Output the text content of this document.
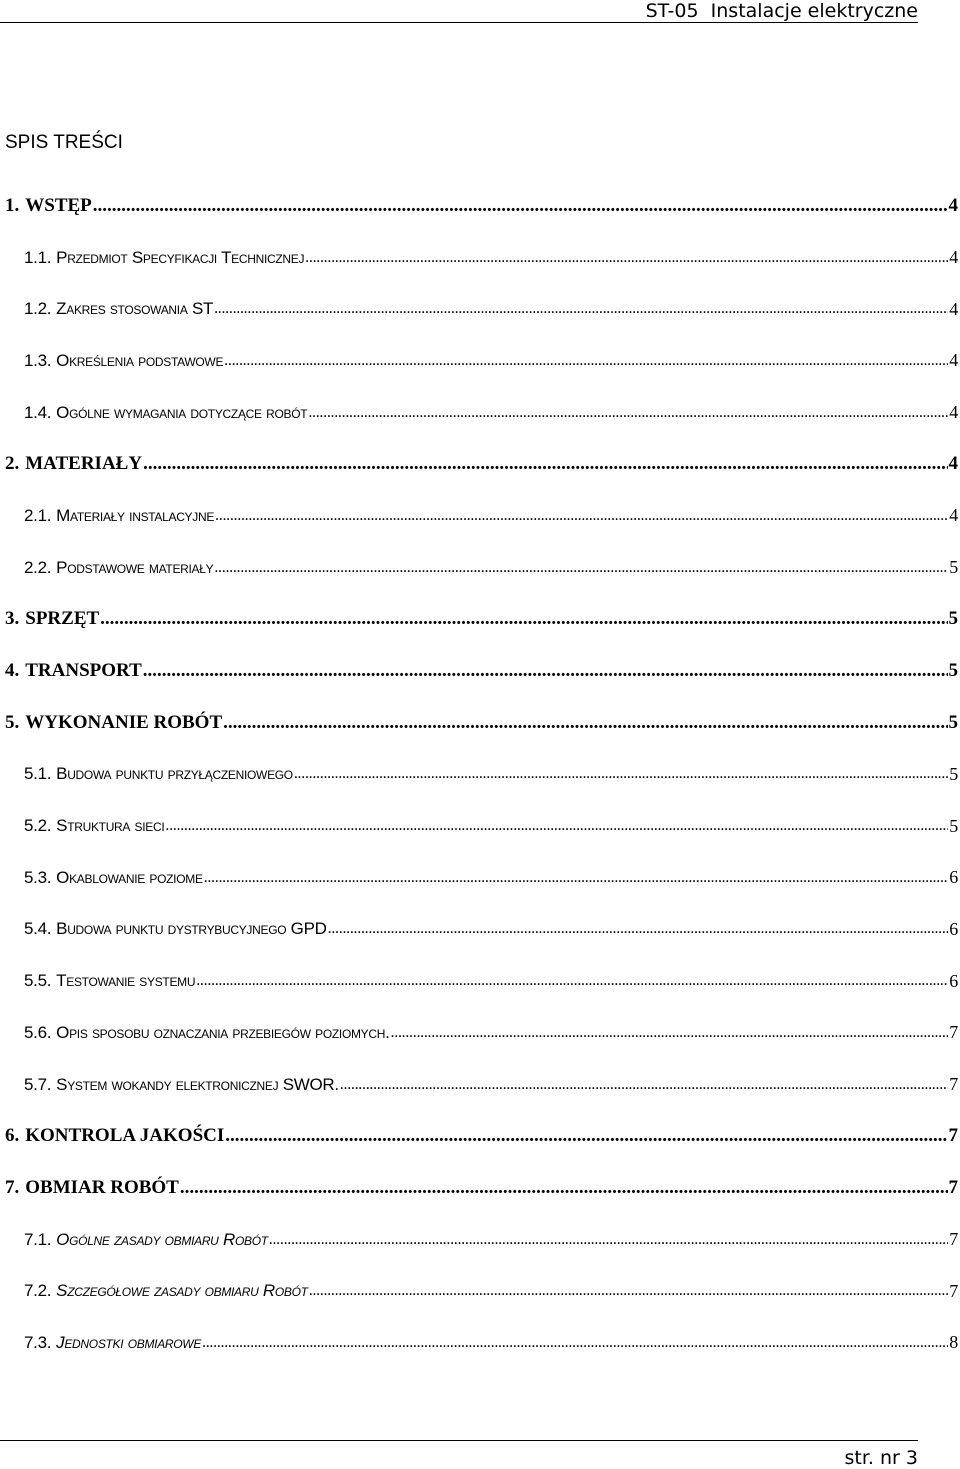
ST-05  Instalacje elektryczne
SPIS TREŚCI
1. WSTĘP .....	4
1.1. Przedmiot Specyfikacji Technicznej .....	4
1.2. Zakres stosowania ST .....	4
1.3. Określenia podstawowe .....	4
1.4. Ogólne wymagania dotyczące robót .....	4
2. MATERIAŁY .....	4
2.1. Materiały instalacyjne .....	4
2.2. Podstawowe materiały .....	5
3. SPRZĘT .....	5
4. TRANSPORT .....	5
5. WYKONANIE ROBÓT .....	5
5.1. Budowa punktu przyłączeniowego .....	5
5.2. Struktura sieci .....	5
5.3. Okablowanie poziome .....	6
5.4. Budowa punktu dystrybucyjnego GPD .....	6
5.5. Testowanie systemu .....	6
5.6. Opis sposobu oznaczania przebiegów poziomych. .....	7
5.7. System wokandy elektronicznej SWOR. .....	7
6. KONTROLA JAKOŚCI .....	7
7. OBMIAR ROBÓT .....	7
7.1. Ogólne zasady obmiaru Robót .....	7
7.2. Szczegółowe zasady obmiaru Robót .....	7
7.3. Jednostki obmiarowe .....	8
str. nr 3
